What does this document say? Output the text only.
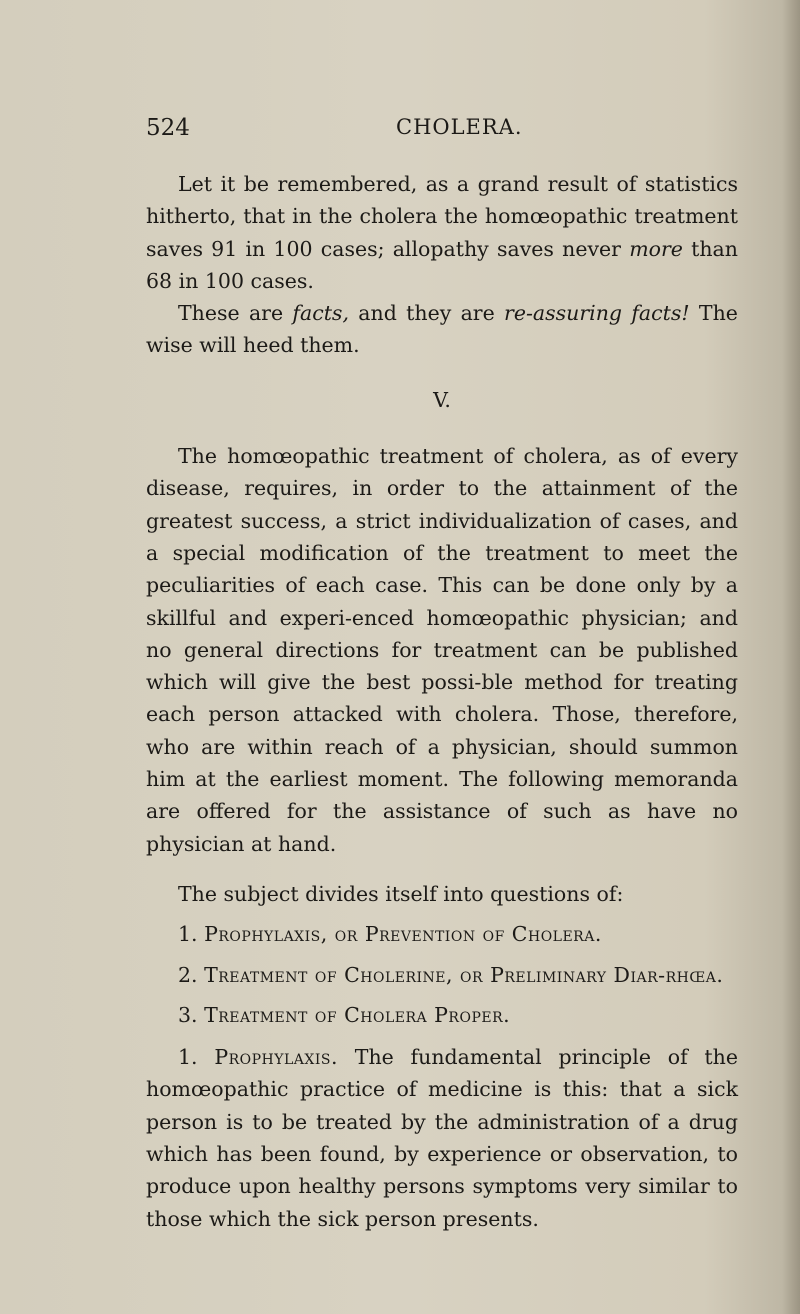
524	CHOLERA.

Let it be remembered, as a grand result of statistics hitherto, that in the cholera the homœopathic treatment saves 91 in 100 cases; allopathy saves never more than 68 in 100 cases.

These are facts, and they are re-assuring facts! The wise will heed them.

V.

The homœopathic treatment of cholera, as of every disease, requires, in order to the attainment of the greatest success, a strict individualization of cases, and a special modification of the treatment to meet the peculiarities of each case. This can be done only by a skillful and experi-enced homœopathic physician; and no general directions for treatment can be published which will give the best possi-ble method for treating each person attacked with cholera. Those, therefore, who are within reach of a physician, should summon him at the earliest moment. The following memoranda are offered for the assistance of such as have no physician at hand.

The subject divides itself into questions of:

1. Prophylaxis, or Prevention of Cholera.

2. Treatment of Cholerine, or Preliminary Diar-rhœa.

3. Treatment of Cholera Proper.

1. Prophylaxis. The fundamental principle of the homœopathic practice of medicine is this: that a sick person is to be treated by the administration of a drug which has been found, by experience or observation, to produce upon healthy persons symptoms very similar to those which the sick person presents.
